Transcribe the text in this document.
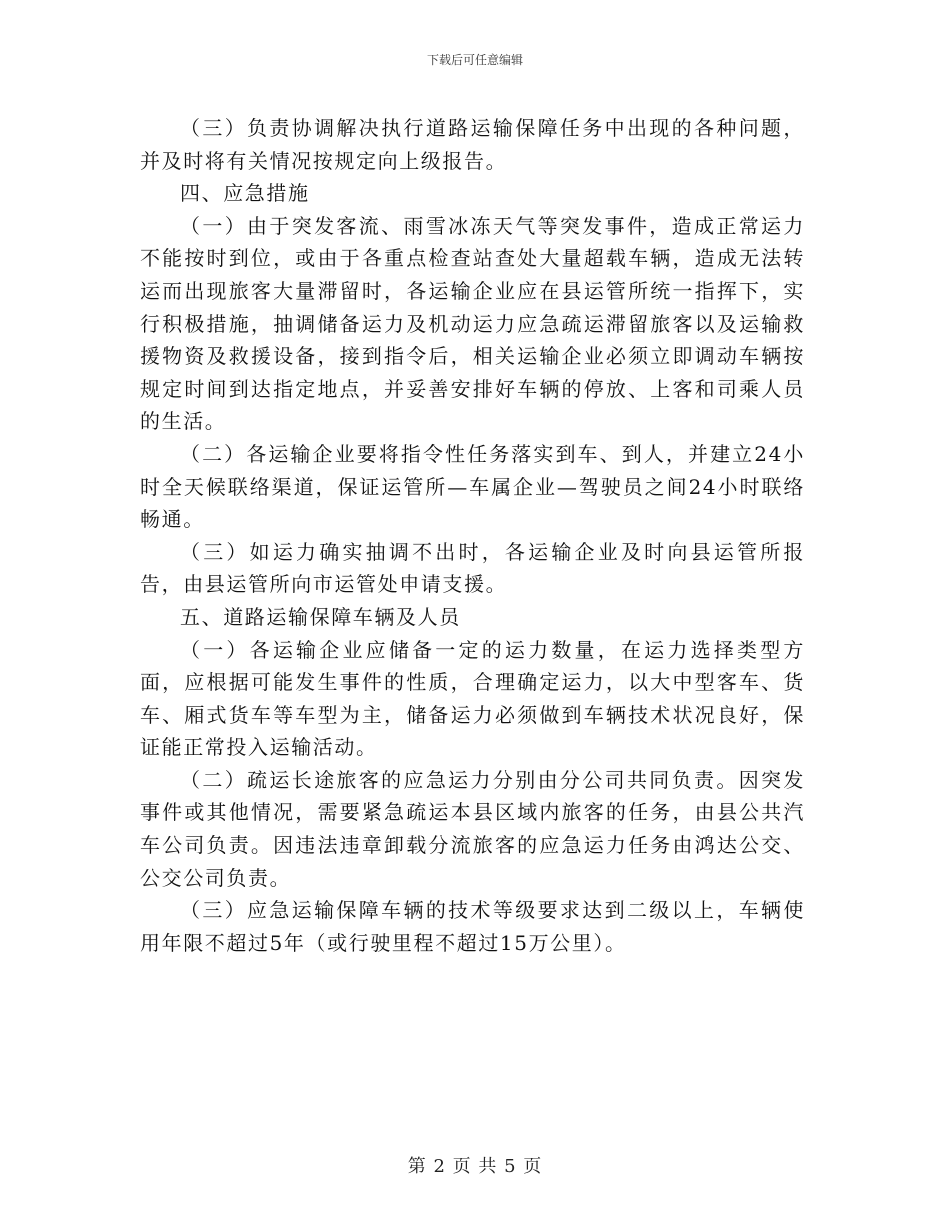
下载后可任意编辑

（三）负责协调解决执行道路运输保障任务中出现的各种问题，并及时将有关情况按规定向上级报告。

四、应急措施

（一）由于突发客流、雨雪冰冻天气等突发事件，造成正常运力不能按时到位，或由于各重点检查站查处大量超载车辆，造成无法转运而出现旅客大量滞留时，各运输企业应在县运管所统一指挥下，实行积极措施，抽调储备运力及机动运力应急疏运滞留旅客以及运输救援物资及救援设备，接到指令后，相关运输企业必须立即调动车辆按规定时间到达指定地点，并妥善安排好车辆的停放、上客和司乘人员的生活。

（二）各运输企业要将指令性任务落实到车、到人，并建立24小时全天候联络渠道，保证运管所—车属企业—驾驶员之间24小时联络畅通。

（三）如运力确实抽调不出时，各运输企业及时向县运管所报告，由县运管所向市运管处申请支援。

五、道路运输保障车辆及人员

（一）各运输企业应储备一定的运力数量，在运力选择类型方面，应根据可能发生事件的性质，合理确定运力，以大中型客车、货车、厢式货车等车型为主，储备运力必须做到车辆技术状况良好，保证能正常投入运输活动。

（二）疏运长途旅客的应急运力分别由分公司共同负责。因突发事件或其他情况，需要紧急疏运本县区域内旅客的任务，由县公共汽车公司负责。因违法违章卸载分流旅客的应急运力任务由鸿达公交、公交公司负责。

（三）应急运输保障车辆的技术等级要求达到二级以上，车辆使用年限不超过5年（或行驶里程不超过15万公里）。

第 2 页 共 5 页
